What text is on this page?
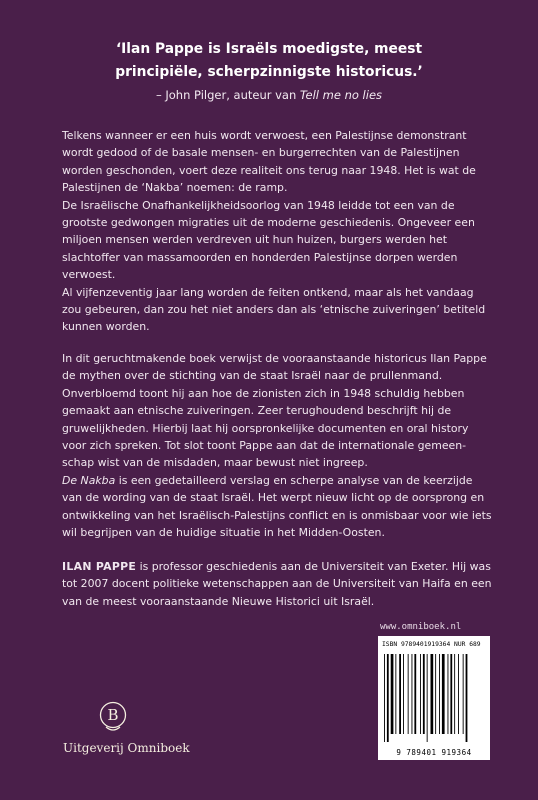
‘Ilan Pappe is Israëls moedigste, meest
principiële, scherpzinnigste historicus.’
– John Pilger, auteur van Tell me no lies

Telkens wanneer er een huis wordt verwoest, een Palestijnse demonstrant wordt gedood of de basale mensen- en burgerrechten van de Palestijnen worden geschonden, voert deze realiteit ons terug naar 1948. Het is wat de Palestijnen de ‘Nakba’ noemen: de ramp.

De Israëlische Onafhankelijkheidsoorlog van 1948 leidde tot een van de grootste gedwongen migraties uit de moderne geschiedenis. Ongeveer een miljoen mensen werden verdreven uit hun huizen, burgers werden het slachtoffer van massamoorden en honderden Palestijnse dorpen werden verwoest.

Al vijfenzeventig jaar lang worden de feiten ontkend, maar als het vandaag zou gebeuren, dan zou het niet anders dan als ‘etnische zuiveringen’ betiteld kunnen worden.

In dit geruchtmakende boek verwijst de vooraanstaande historicus Ilan Pappe de mythen over de stichting van de staat Israël naar de prullenmand. Onverbloemd toont hij aan hoe de zionisten zich in 1948 schuldig hebben gemaakt aan etnische zuiveringen. Zeer terughoudend beschrijft hij de gruwelijkheden. Hierbij laat hij oorspronkelijke documenten en oral history voor zich spreken. Tot slot toont Pappe aan dat de internationale gemeenschap wist van de misdaden, maar bewust niet ingreep.

De Nakba is een gedetailleerd verslag en scherpe analyse van de keerzijde van de wording van de staat Israël. Het werpt nieuw licht op de oorsprong en ontwikkeling van het Israëlisch-Palestijns conflict en is onmisbaar voor wie iets wil begrijpen van de huidige situatie in het Midden-Oosten.

ILAN PAPPE is professor geschiedenis aan de Universiteit van Exeter. Hij was tot 2007 docent politieke wetenschappen aan de Universiteit van Haifa en een van de meest vooraanstaande Nieuwe Historici uit Israël.

www.omniboek.nl
ISBN 9789401919364 NUR 689
9 789401 919364
B
Uitgeverij Omniboek
